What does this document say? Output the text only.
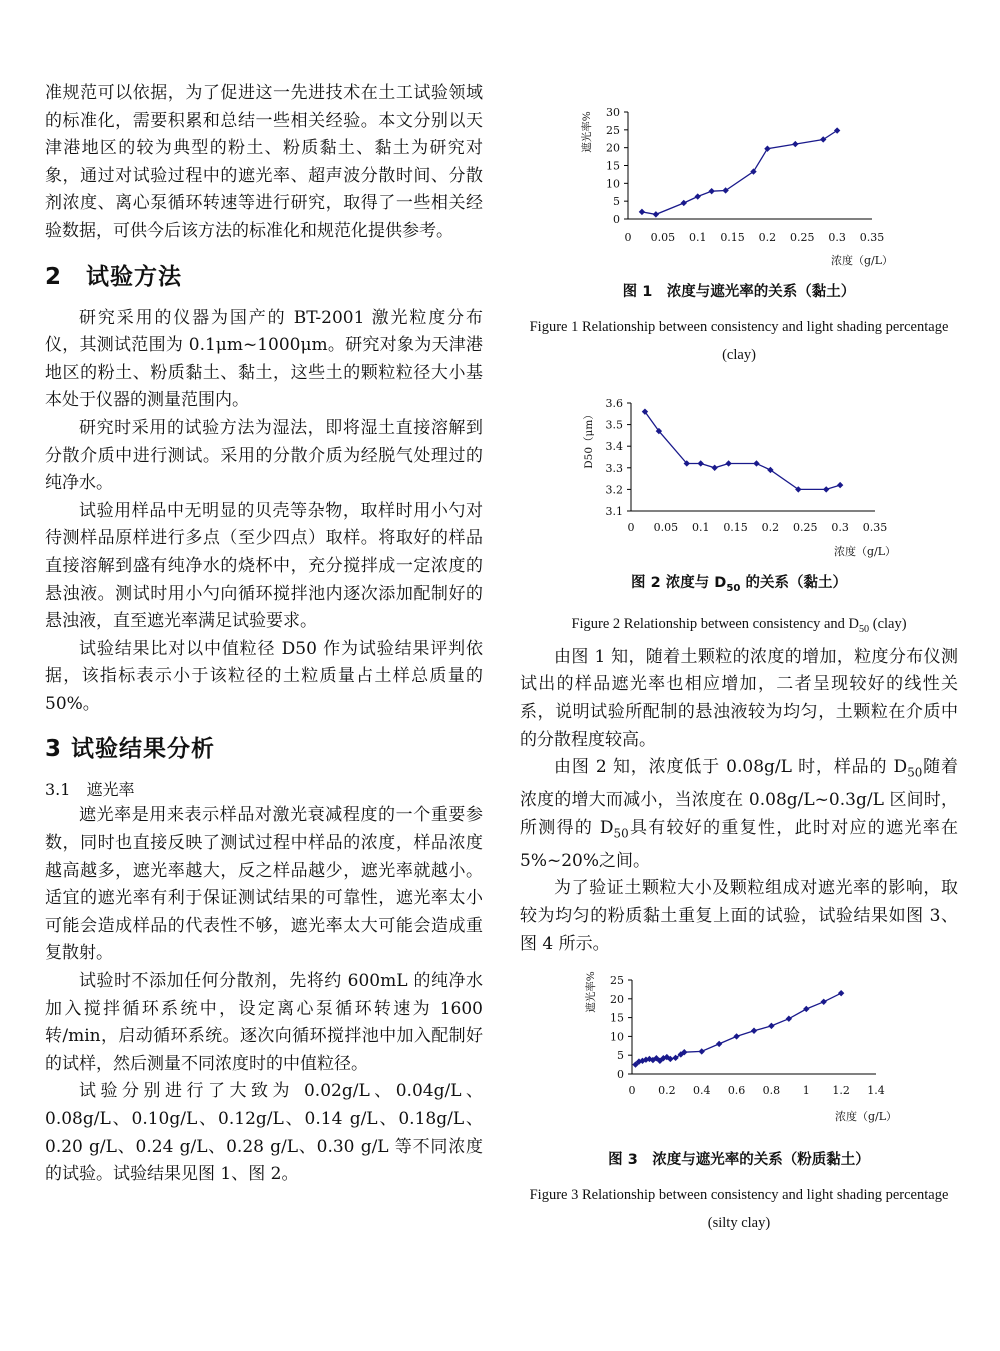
准规范可以依据，为了促进这一先进技术在土工试验领域的标准化，需要积累和总结一些相关经验。本文分别以天津港地区的较为典型的粉土、粉质黏土、黏土为研究对象，通过对试验过程中的遮光率、超声波分散时间、分散剂浓度、离心泵循环转速等进行研究，取得了一些相关经验数据，可供今后该方法的标准化和规范化提供参考。

2　试验方法

研究采用的仪器为国产的 BT-2001 激光粒度分布仪，其测试范围为 0.1μm~1000μm。研究对象为天津港地区的粉土、粉质黏土、黏土，这些土的颗粒粒径大小基本处于仪器的测量范围内。

研究时采用的试验方法为湿法，即将湿土直接溶解到分散介质中进行测试。采用的分散介质为经脱气处理过的纯净水。

试验用样品中无明显的贝壳等杂物，取样时用小勺对待测样品原样进行多点（至少四点）取样。将取好的样品直接溶解到盛有纯净水的烧杯中，充分搅拌成一定浓度的悬浊液。测试时用小勺向循环搅拌池内逐次添加配制好的悬浊液，直至遮光率满足试验要求。

试验结果比对以中值粒径 D50 作为试验结果评判依据，该指标表示小于该粒径的土粒质量占土样总质量的 50%。

3 试验结果分析
3.1　遮光率

遮光率是用来表示样品对激光衰减程度的一个重要参数，同时也直接反映了测试过程中样品的浓度，样品浓度越高越多，遮光率越大，反之样品越少，遮光率就越小。适宜的遮光率有利于保证测试结果的可靠性，遮光率太小可能会造成样品的代表性不够，遮光率太大可能会造成重复散射。

试验时不添加任何分散剂，先将约 600mL 的纯净水加入搅拌循环系统中，设定离心泵循环转速为 1600 转/min，启动循环系统。逐次向循环搅拌池中加入配制好的试样，然后测量不同浓度时的中值粒径。

试验分别进行了大致为 0.02g/L、0.04g/L、0.08g/L、0.10g/L、0.12g/L、0.14 g/L、0.18g/L、0.20 g/L、0.24 g/L、0.28 g/L、0.30 g/L 等不同浓度的试验。试验结果见图 1、图 2。

0
5
10
15
20
25
30
0 0.05 0.1 0.15 0.2 0.25 0.3 0.35
浓度（g/L）
遮光率%
图 1　浓度与遮光率的关系（黏土）
Figure 1 Relationship between consistency and light shading percentage (clay)
3.1
3.2
3.3
3.4
3.5
3.6
0 0.05 0.1 0.15 0.2 0.25 0.3 0.35
浓度（g/L）
D50（μm）
图 2 浓度与 $D_{50}$ 的关系（黏土）
Figure 2 Relationship between consistency and $D_{50}$ (clay)

由图 1 知，随着土颗粒的浓度的增加，粒度分布仪测试出的样品遮光率也相应增加，二者呈现较好的线性关系，说明试验所配制的悬浊液较为均匀，土颗粒在介质中的分散程度较高。

由图 2 知，浓度低于 0.08g/L 时，样品的 $D_{50}$随着浓度的增大而减小，当浓度在 0.08g/L~0.3g/L 区间时，所测得的 $D_{50}$具有较好的重复性，此时对应的遮光率在 5%~20%之间。

为了验证土颗粒大小及颗粒组成对遮光率的影响，取较为均匀的粉质黏土重复上面的试验，试验结果如图 3、图 4 所示。

0
5
10
15
20
25
0 0.2 0.4 0.6 0.8 1 1.2 1.4
浓度（g/L）
遮光率%
图 3　浓度与遮光率的关系（粉质黏土）
Figure 3 Relationship between consistency and light shading percentage (silty clay)
